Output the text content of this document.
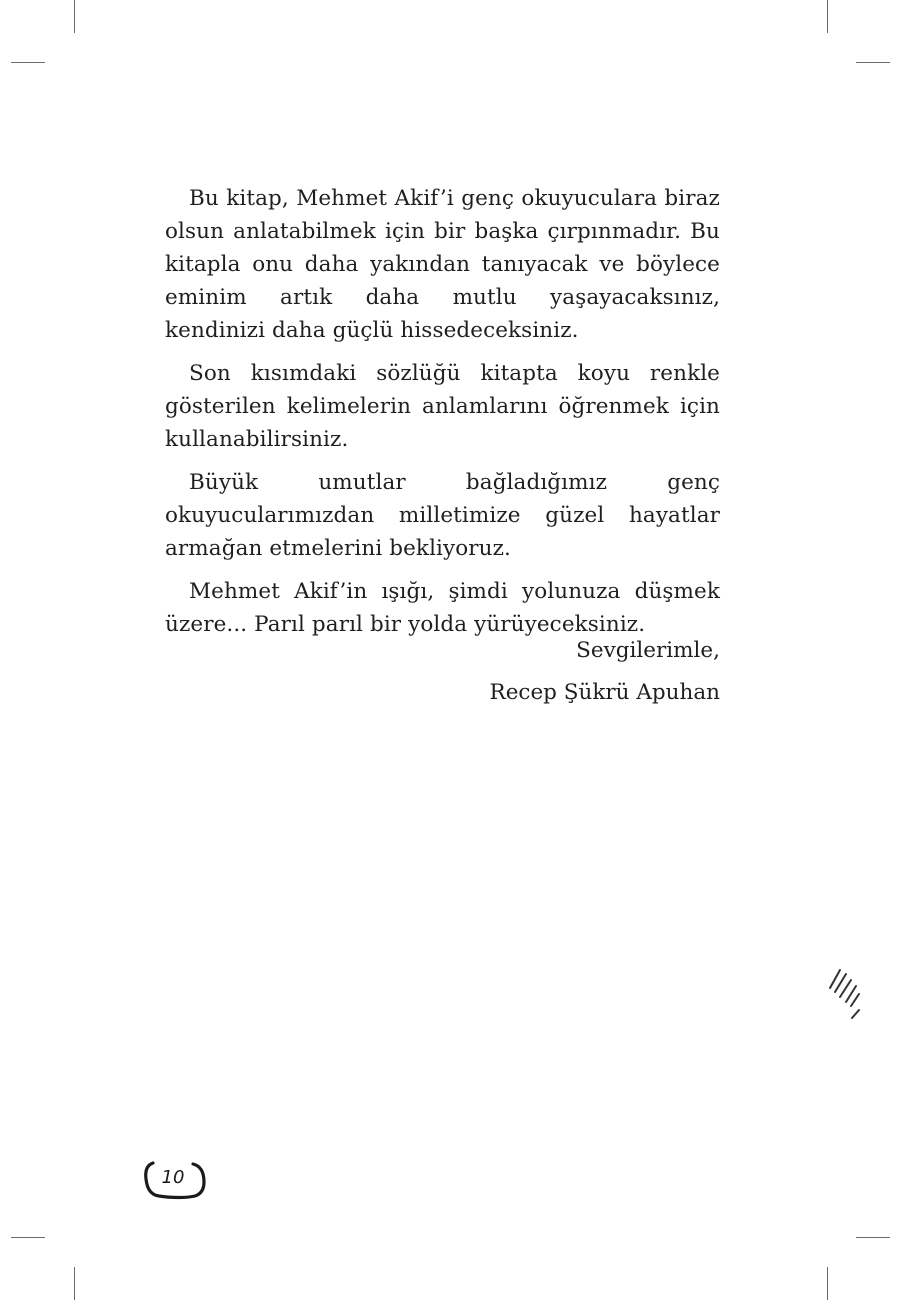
Bu kitap, Mehmet Akif’i genç okuyuculara biraz olsun anlatabilmek için bir başka çırpınmadır. Bu kitapla onu daha yakından tanıyacak ve böylece eminim artık daha mutlu yaşayacaksınız, kendinizi daha güçlü hissedeceksiniz.

Son kısımdaki sözlüğü kitapta koyu renkle gösterilen kelimelerin anlamlarını öğrenmek için kullanabilirsiniz.

Büyük umutlar bağladığımız genç okuyucularımızdan milletimize güzel hayatlar armağan etmelerini bekliyoruz.

Mehmet Akif’in ışığı, şimdi yolunuza düşmek üzere... Parıl parıl bir yolda yürüyeceksiniz.

Sevgilerimle,
Recep Şükrü Apuhan
10
